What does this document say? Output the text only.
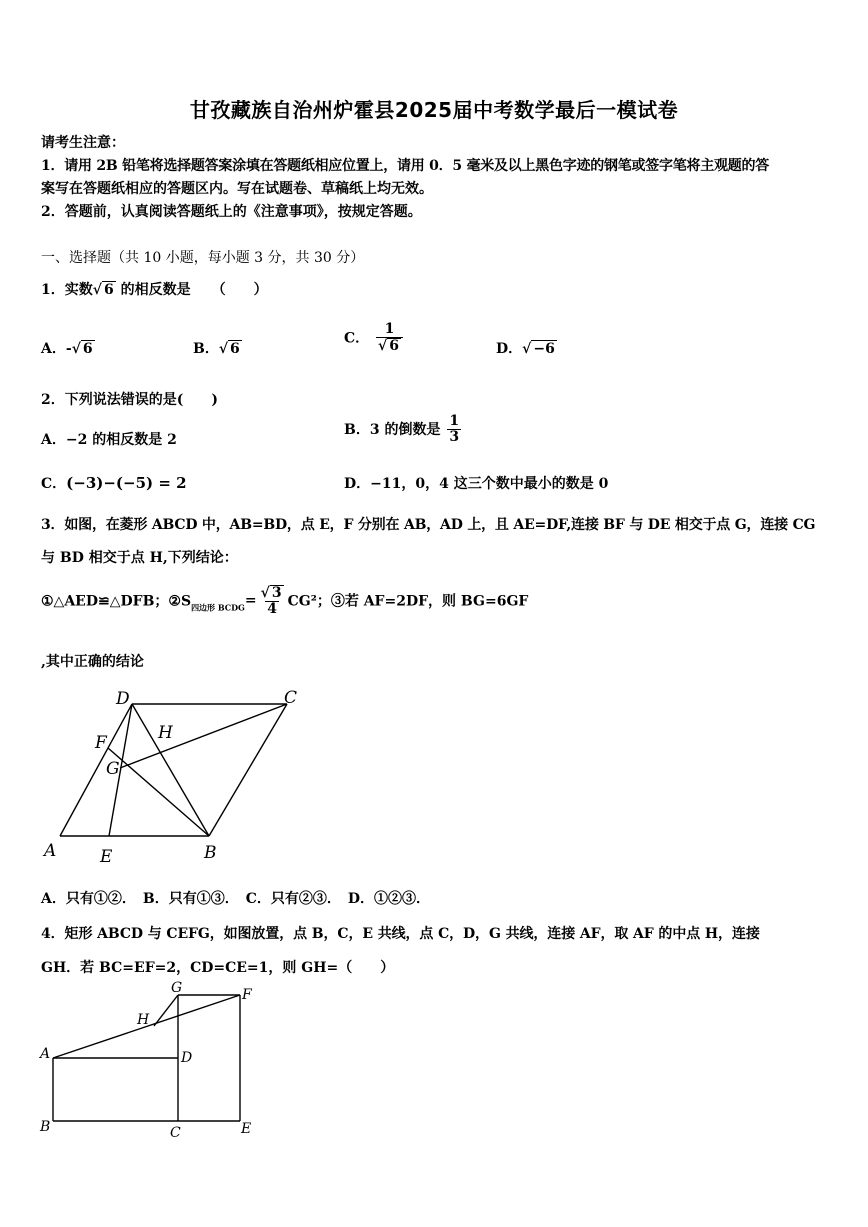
甘孜藏族自治州炉霍县2025届中考数学最后一模试卷
请考生注意：
1．请用 2B 铅笔将选择题答案涂填在答题纸相应位置上，请用 0．5 毫米及以上黑色字迹的钢笔或签字笔将主观题的答
案写在答题纸相应的答题区内。写在试题卷、草稿纸上均无效。
2．答题前，认真阅读答题纸上的《注意事项》，按规定答题。
一、选择题（共 10 小题，每小题 3 分，共 30 分）
1．实数√ 6 的相反数是　　（　　）
A．-√ 6	B．√ 6
C． $\frac{1}{√ 6}$	D．√ −6
2．下列说法错误的是(　　)
A．−2 的相反数是 2
B．3 的倒数是 $\frac{1}{3}$
C．(−3)−(−5) = 2	D．−11，0，4 这三个数中最小的数是 0
3．如图，在菱形 ABCD 中，AB=BD，点 E，F 分别在 AB，AD 上，且 AE=DF,连接 BF 与 DE 相交于点 G，连接 CG
与 BD 相交于点 H,下列结论：
①△AED≌△DFB；$②S_{四边形 BCDG}= \frac{√ 3}{4} CG^2$；③若 AF=2DF，则 BG=6GF
,其中正确的结论
A	E	B
D	C
F
G
H
A．只有①②．　B．只有①③．　C．只有②③．　D．①②③．
4．矩形 ABCD 与 CEFG，如图放置，点 B，C，E 共线，点 C，D，G 共线，连接 AF，取 AF 的中点 H，连接
GH．若 BC=EF=2，CD=CE=1，则 GH=（　　）
A
B	C
D
E
F
G
H
